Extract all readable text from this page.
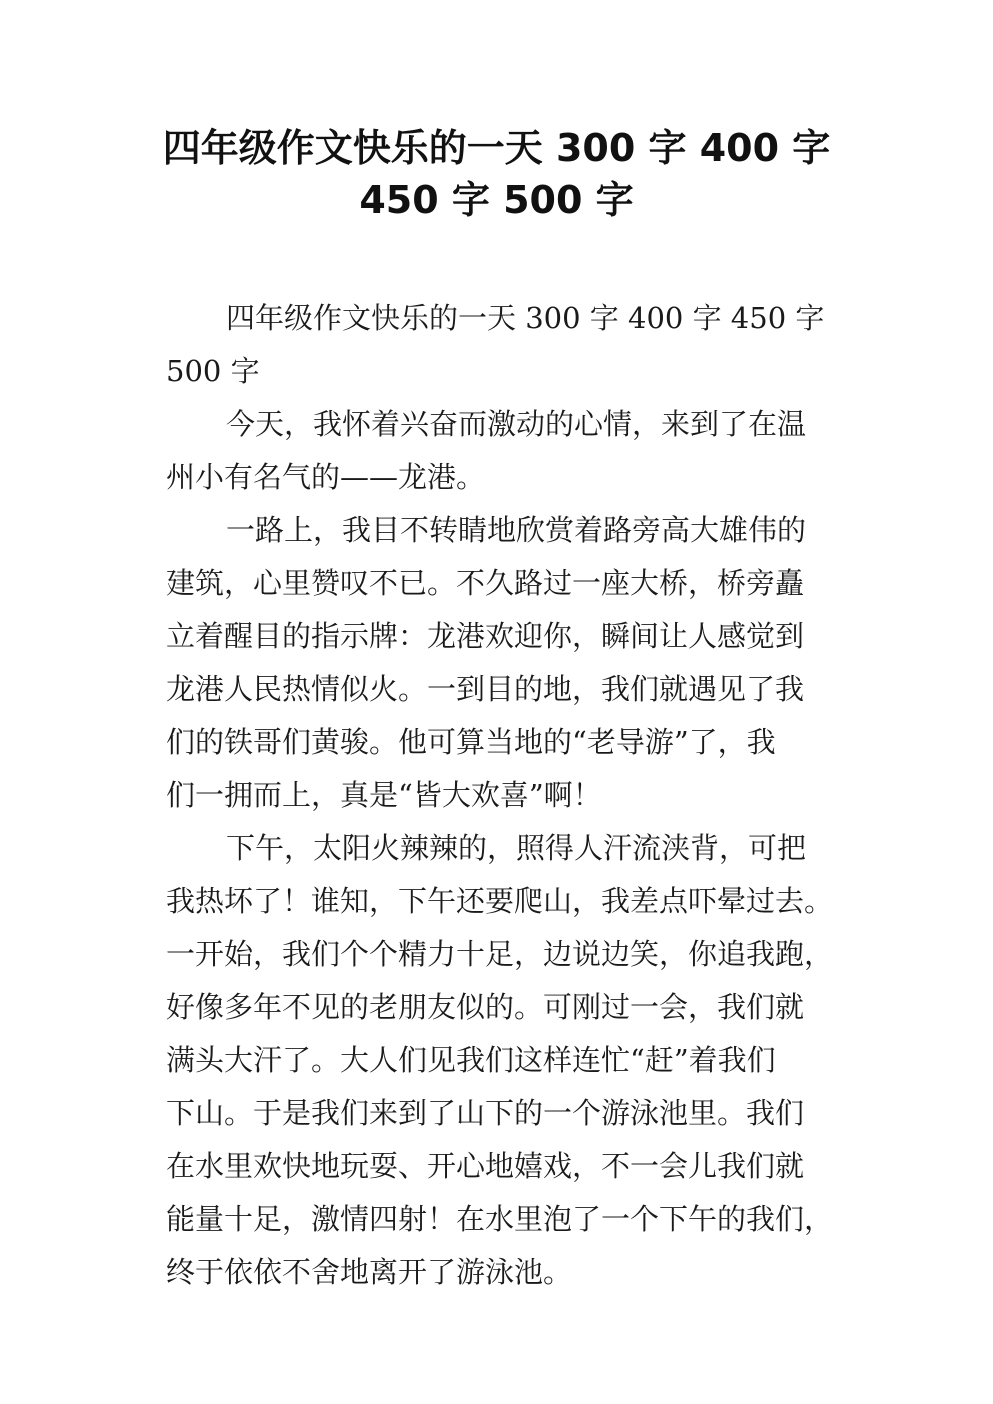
四年级作文快乐的一天 300 字 400 字
450 字 500 字
四年级作文快乐的一天 300 字 400 字 450 字
500 字
今天，我怀着兴奋而激动的心情，来到了在温
州小有名气的——龙港。
一路上，我目不转睛地欣赏着路旁高大雄伟的
建筑，心里赞叹不已。不久路过一座大桥，桥旁矗
立着醒目的指示牌：龙港欢迎你，瞬间让人感觉到
龙港人民热情似火。一到目的地，我们就遇见了我
们的铁哥们黄骏。他可算当地的“老导游”了，我
们一拥而上，真是“皆大欢喜”啊！
下午，太阳火辣辣的，照得人汗流浃背，可把
我热坏了！谁知，下午还要爬山，我差点吓晕过去。
一开始，我们个个精力十足，边说边笑，你追我跑，
好像多年不见的老朋友似的。可刚过一会，我们就
满头大汗了。大人们见我们这样连忙“赶”着我们
下山。于是我们来到了山下的一个游泳池里。我们
在水里欢快地玩耍、开心地嬉戏，不一会儿我们就
能量十足，激情四射！在水里泡了一个下午的我们，
终于依依不舍地离开了游泳池。
